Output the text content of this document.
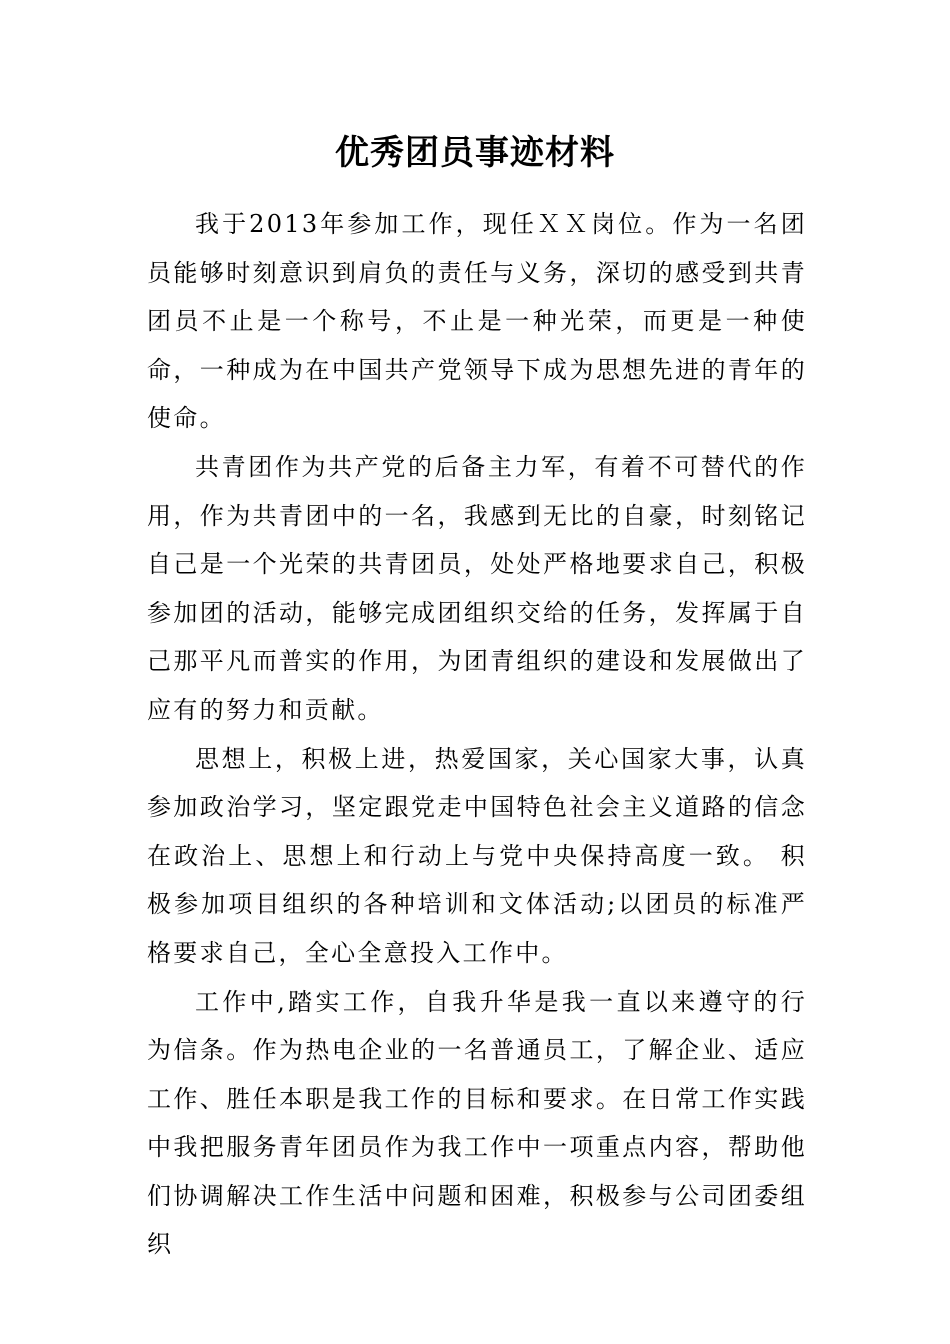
优秀团员事迹材料

我于2013年参加工作，现任ＸＸ岗位。作为一名团员能够时刻意识到肩负的责任与义务，深切的感受到共青团员不止是一个称号，不止是一种光荣，而更是一种使命，一种成为在中国共产党领导下成为思想先进的青年的使命。

共青团作为共产党的后备主力军，有着不可替代的作用，作为共青团中的一名，我感到无比的自豪，时刻铭记自己是一个光荣的共青团员，处处严格地要求自己，积极参加团的活动，能够完成团组织交给的任务，发挥属于自己那平凡而普实的作用，为团青组织的建设和发展做出了应有的努力和贡献。

思想上，积极上进，热爱国家，关心国家大事，认真参加政治学习，坚定跟党走中国特色社会主义道路的信念在政治上、思想上和行动上与党中央保持高度一致。 积极参加项目组织的各种培训和文体活动;以团员的标准严格要求自己，全心全意投入工作中。

工作中,踏实工作，自我升华是我一直以来遵守的行为信条。作为热电企业的一名普通员工，了解企业、适应工作、胜任本职是我工作的目标和要求。在日常工作实践中我把服务青年团员作为我工作中一项重点内容，帮助他们协调解决工作生活中问题和困难，积极参与公司团委组织
